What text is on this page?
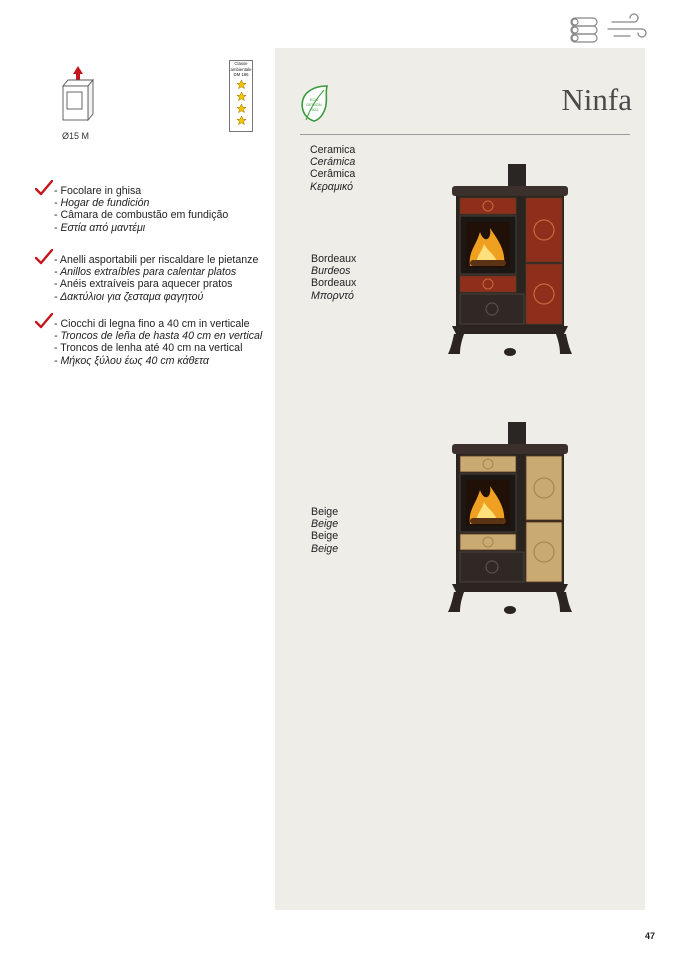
Ø15 M
Classe
ambientale
DM 186
ECO
DESIGN
2022	Ninfa
- Focolare in ghisa
- Hogar de fundición
- Câmara de combustão em fundição
- Εστία από μαντέμι
- Anelli asportabili per riscaldare le pietanze
- Anillos extraíbles para calentar platos
- Anéis extraíveis para aquecer pratos
- Δακτύλιοι για ζεσταμα φαγητού
- Ciocchi di legna fino a 40 cm in verticale
- Troncos de leña de hasta 40 cm en vertical
- Troncos de lenha até 40 cm na vertical
- Μήκος ξύλου έως 40 cm κάθετα
Ceramica
Cerámica
Cerâmica
Κεραμικό
Bordeaux
Burdeos
Bordeaux
Μπορντό
Beige
Beige
Beige
Beige
47
